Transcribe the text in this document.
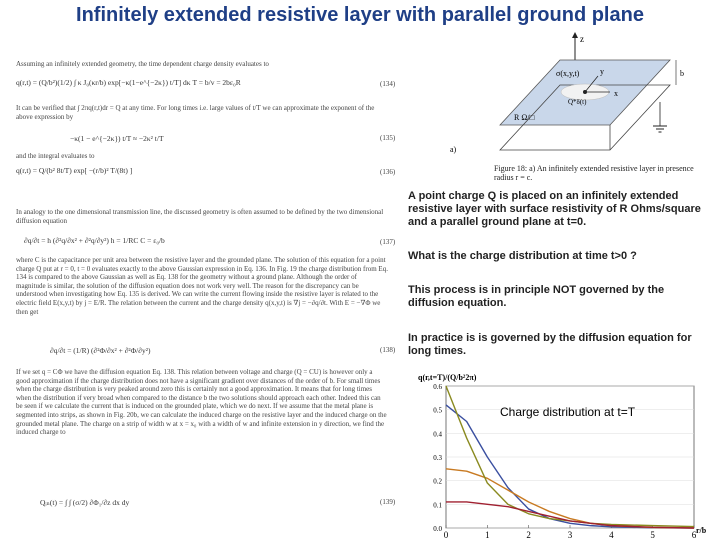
Infinitely extended resistive layer with parallel ground plane

Assuming an infinitely extended geometry, the time dependent charge density evaluates to

q(r,t) = (Q/b²)(1/2) ∫ κ J₀(κr/b) exp[−κ(1−e^{−2κ}) t/T] dκ T = b/v = 2bε₀R	(134)

It can be verified that ∫ 2πq(r,t)dr = Q at any time. For long times i.e. large values of t/T we can approximate the exponent of the above expression by

−κ(1 − e^{−2κ}) t/T ≈ −2κ² t/T	(135)

and the integral evaluates to

q(r,t) = Q/(b² 8t/T) exp[ −(r/b)² T/(8t) ]	(136)

In analogy to the one dimensional transmission line, the discussed geometry is often assumed to be defined by the two dimensional diffusion equation

∂q/∂t = h (∂²q/∂x² + ∂²q/∂y²) h = 1/RC C = ε₀/b	(137)

where C is the capacitance per unit area between the resistive layer and the grounded plane. The solution of this equation for a point charge Q put at r = 0, t = 0 evaluates exactly to the above Gaussian expression in Eq. 136. In Fig. 19 the charge distribution from Eq. 134 is compared to the above Gaussian as well as Eq. 138 for the geometry without a ground plane. Although the order of magnitude is similar, the solution of the diffusion equation does not work very well. The reason for the discrepancy can be understood when investigating how Eq. 135 is derived. We can write the current flowing inside the resistive layer is related to the electric field E(x,y,t) by j = E/R. The relation between the current and the charge density q(x,y,t) is ∇j = −∂q/∂t. With E = −∇Φ we then get

∂q/∂t = (1/R) (∂²Φ/∂x² + ∂²Φ/∂y²)	(138)

If we set q = CΦ we have the diffusion equation Eq. 138. This relation between voltage and charge (Q = CU) is however only a good approximation if the charge distribution does not have a significant gradient over distances of the order of b. For small times when the charge distribution is very peaked around zero this is certainly not a good approximation. It means that for long times when the distribution if very broad when compared to the distance b the two solutions should approach each other. Indeed this can be seen if we calculate the current that is induced on the grounded plate, which we do next. If we assume that the metal plane is segmented into strips, as shown in Fig. 20b, we can calculate the induced charge on the resistive layer and the induced charge on the grounded metal plane. The charge on a strip of width w at x = x₀ with a width of w and infinite extension in y direction, we find the induced charge to

Qᵢₙ(t) = ∫ ∫ (σ/2) ∂Φ₁/∂z dx dy	(139)
z
y
x
σ(x,y,t)
Q*δ(t)
R Ω/□
b
a)
Figure 18: a) An infinitely extended resistive layer in presence radius r = c.
A point charge Q is placed on an infinitely extended resistive layer with surface resistivity of R Ohms/square and a parallel ground plane at t=0.
What is the charge distribution at time t>0 ?
This process is in principle NOT governed by the diffusion equation.
In practice is is governed by the diffusion equation for long times.
q(r,t=T)/(Q/b²2π)
r/b
0.0
0.1
0.2
0.3
0.4
0.5
0.6
0	1	2	3	4	5	6
Charge distribution at t=T
